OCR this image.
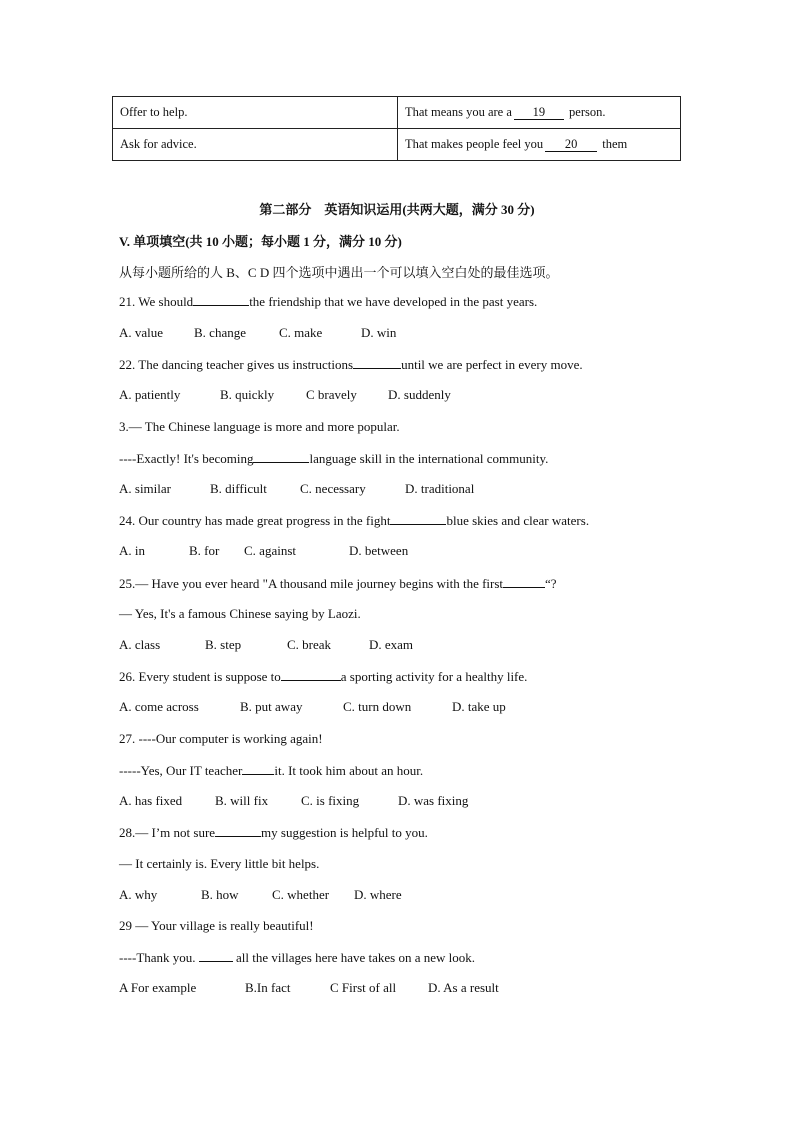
Offer to help.	That means you are a 19 person.
Ask for advice.	That makes people feel you 20 them
第二部分　英语知识运用(共两大题，满分 30 分)
V. 单项填空(共 10 小题；每小题 1 分，满分 10 分)
从每小题所给的人 B、C D 四个选项中遇出一个可以填入空白处的最佳选项。
21. We should	the friendship that we have developed in the past years.
A. value B. change	C. make	D. win
22. The dancing teacher gives us instructions	until we are perfect in every move.
A. patiently	B. quickly C bravely D. suddenly
3.— The Chinese language is more and more popular.
----Exactly! It's becoming	language skill in the international community.
A. similar	B. difficult	C. necessary	D. traditional
24. Our country has made great progress in the fight	blue skies and clear waters.
A. in	B. for C. against	D. between
25.— Have you ever heard "A thousand mile journey begins with the first	“?
— Yes, It's a famous Chinese saying by Laozi.
A. class	B. step	C. break	D. exam
26. Every student is suppose to	a sporting activity for a healthy life.
A. come across	B. put away	C. turn down	D. take up
27. ----Our computer is working again!
-----Yes, Our IT teacher it. It took him about an hour.
A. has fixed	B. will fix	C. is fixing	D. was fixing
28.— I’m not sure	my suggestion is helpful to you.
— It certainly is. Every little bit helps.
A. why	B. how	C. whether D. where
29 — Your village is really beautiful!
----Thank you.	all the villages here have takes on a new look.
A For example	B.In fact	C First of all D. As a result
